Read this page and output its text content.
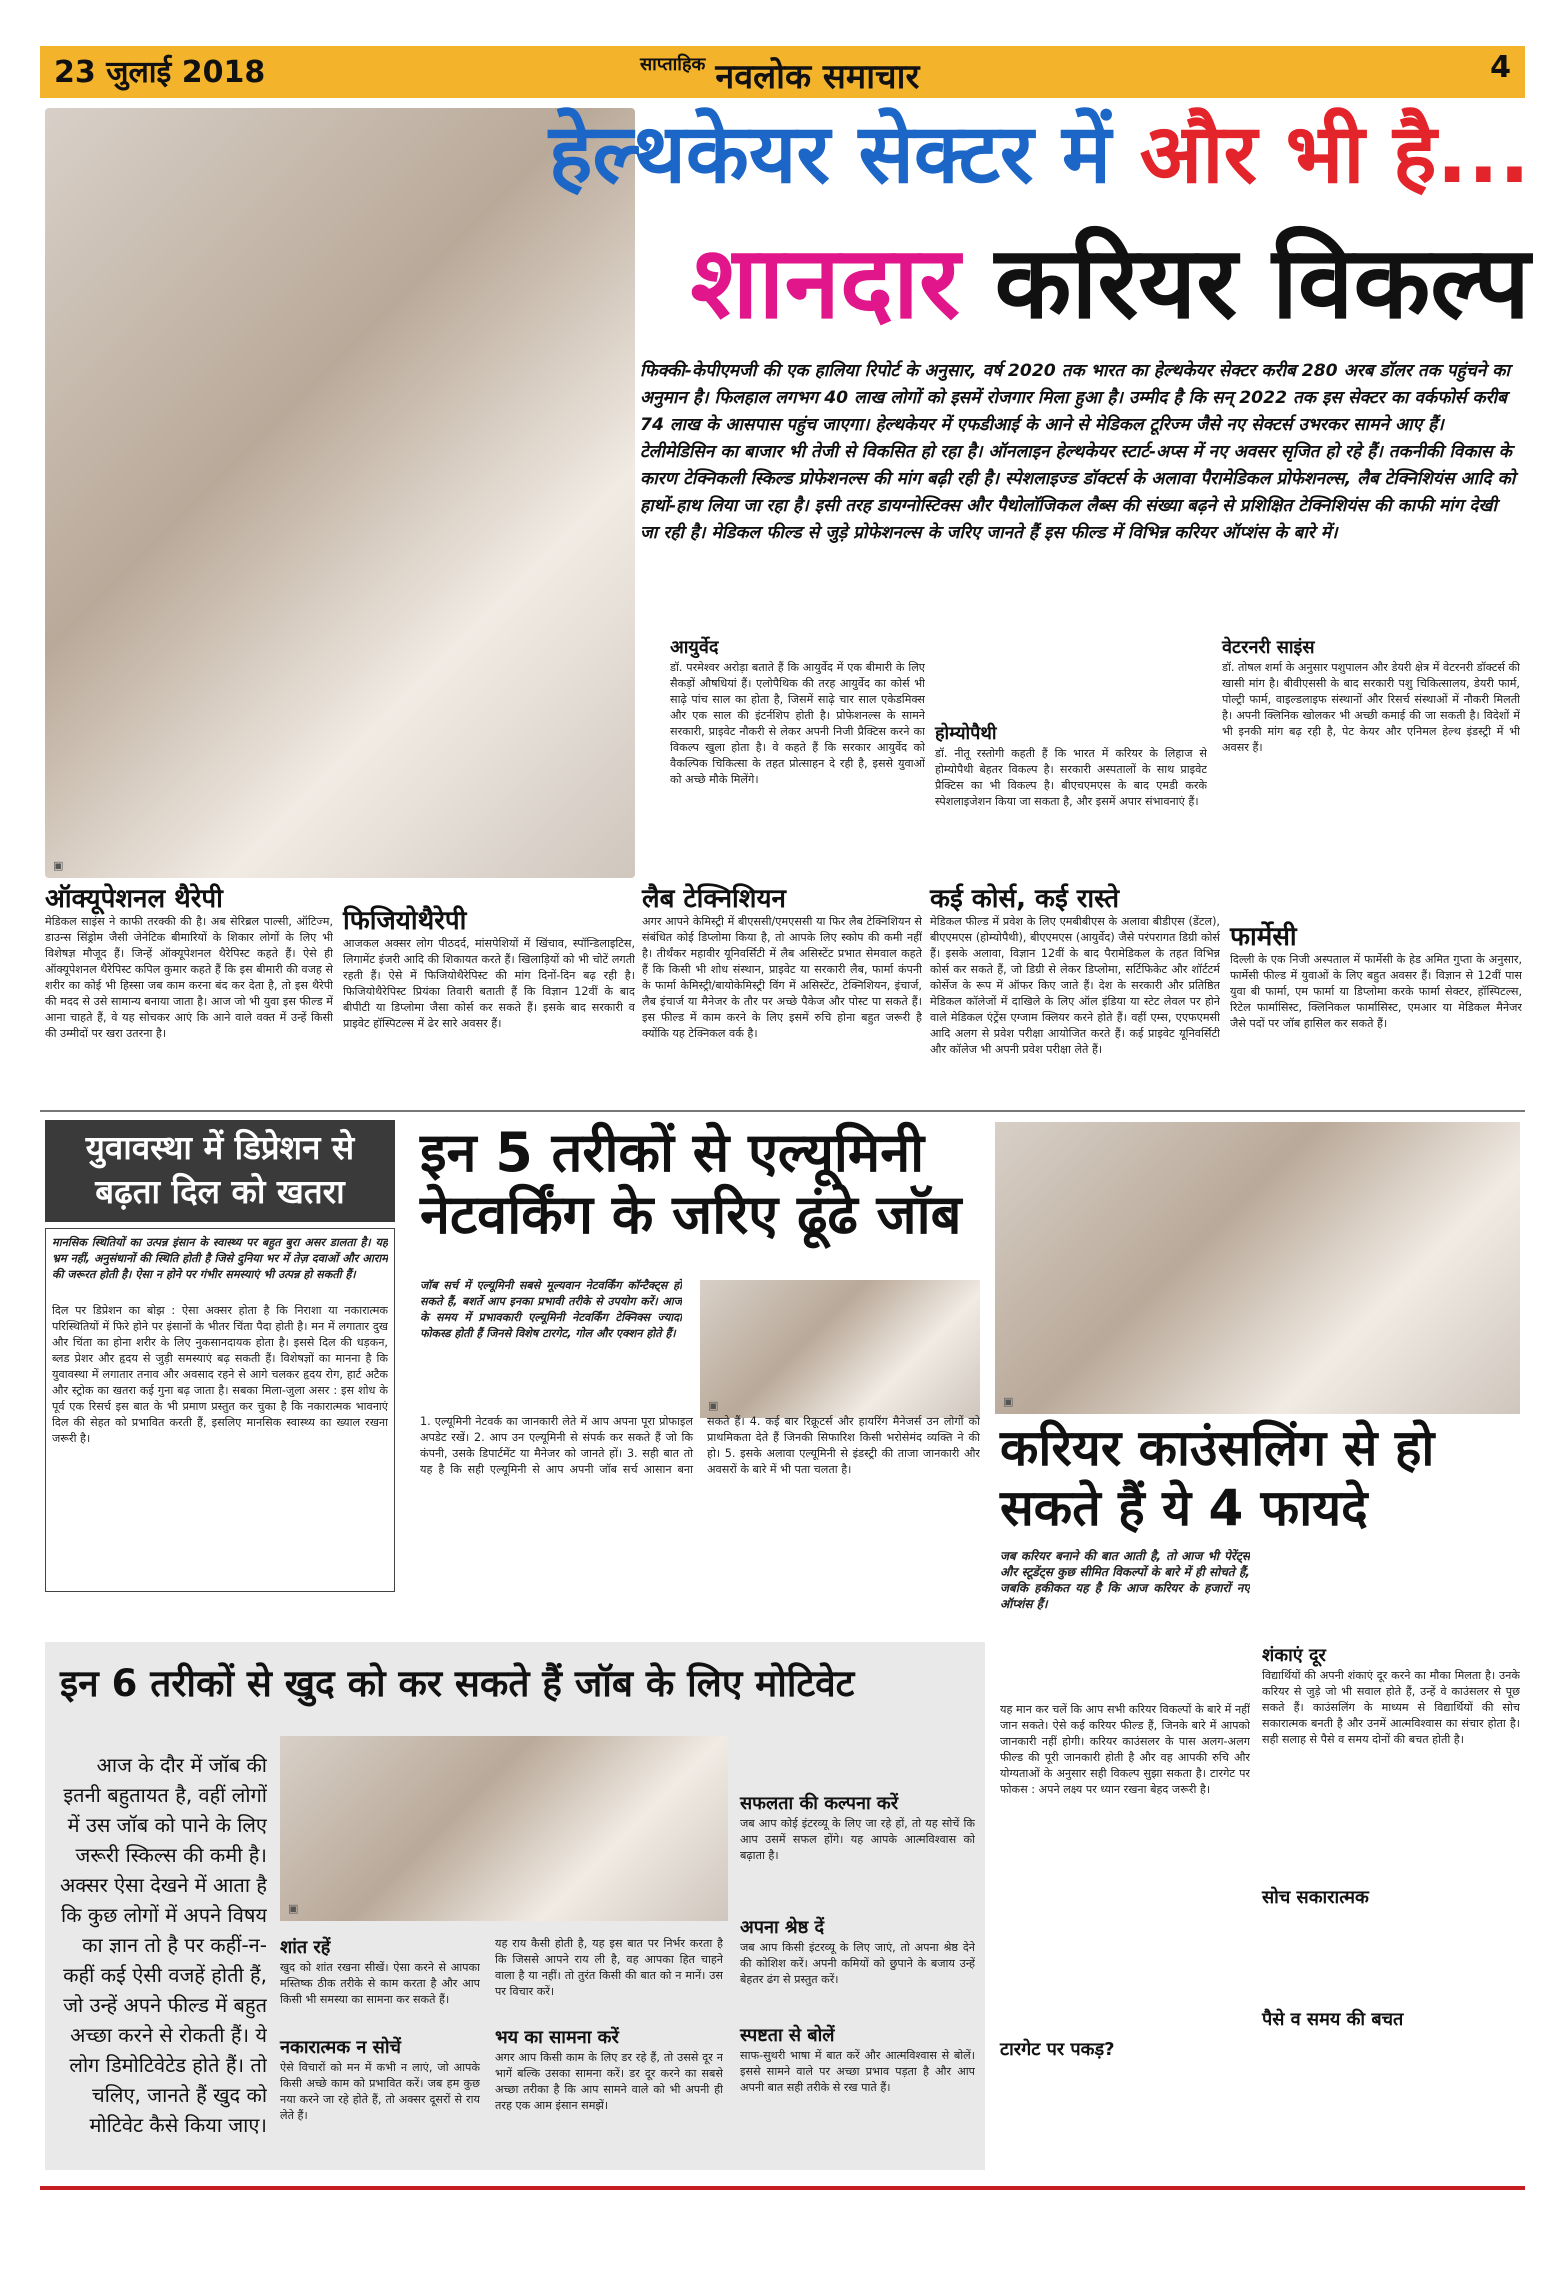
23 जुलाई 2018	$^{साप्ताहिक}$ नवलोक समाचार	4
▣
हेल्थकेयर सेक्टर में और भी है...
शानदार करियर विकल्प

फिक्की-केपीएमजी की एक हालिया रिपोर्ट के अनुसार, वर्ष 2020 तक भारत का हेल्थकेयर सेक्टर करीब 280 अरब डॉलर तक पहुंचने का अनुमान है। फिलहाल लगभग 40 लाख लोगों को इसमें रोजगार मिला हुआ है। उम्मीद है कि सन् 2022 तक इस सेक्टर का वर्कफोर्स करीब 74 लाख के आसपास पहुंच जाएगा। हेल्थकेयर में एफडीआई के आने से मेडिकल टूरिज्म जैसे नए सेक्टर्स उभरकर सामने आए हैं। टेलीमेडिसिन का बाजार भी तेजी से विकसित हो रहा है। ऑनलाइन हेल्थकेयर स्टार्ट-अप्स में नए अवसर सृजित हो रहे हैं। तकनीकी विकास के कारण टेक्निकली स्किल्ड प्रोफेशनल्स की मांग बढ़ी रही है। स्पेशलाइज्ड डॉक्टर्स के अलावा पैरामेडिकल प्रोफेशनल्स, लैब टेक्निशियंस आदि को हाथों-हाथ लिया जा रहा है। इसी तरह डायग्नोस्टिक्स और पैथोलॉजिकल लैब्स की संख्या बढ़ने से प्रशिक्षित टेक्निशियंस की काफी मांग देखी जा रही है। मेडिकल फील्ड से जुड़े प्रोफेशनल्स के जरिए जानते हैं इस फील्ड में विभिन्न करियर ऑप्शंस के बारे में।

आयुर्वेद

डॉ. परमेश्वर अरोड़ा बताते हैं कि आयुर्वेद में एक बीमारी के लिए सैकड़ों औषधियां हैं। एलोपैथिक की तरह आयुर्वेद का कोर्स भी साढ़े पांच साल का होता है, जिसमें साढ़े चार साल एकेडमिक्स और एक साल की इंटर्नशिप होती है। प्रोफेशनल्स के सामने सरकारी, प्राइवेट नौकरी से लेकर अपनी निजी प्रैक्टिस करने का विकल्प खुला होता है। वे कहते हैं कि सरकार आयुर्वेद को वैकल्पिक चिकित्सा के तहत प्रोत्साहन दे रही है, इससे युवाओं को अच्छे मौके मिलेंगे।

होम्योपैथी

डॉ. नीतू रस्तोगी कहती हैं कि भारत में करियर के लिहाज से होम्योपैथी बेहतर विकल्प है। सरकारी अस्पतालों के साथ प्राइवेट प्रैक्टिस का भी विकल्प है। बीएचएमएस के बाद एमडी करके स्पेशलाइजेशन किया जा सकता है, और इसमें अपार संभावनाएं हैं।

वेटरनरी साइंस

डॉ. तोषल शर्मा के अनुसार पशुपालन और डेयरी क्षेत्र में वेटरनरी डॉक्टर्स की खासी मांग है। बीवीएससी के बाद सरकारी पशु चिकित्सालय, डेयरी फार्म, पोल्ट्री फार्म, वाइल्डलाइफ संस्थानों और रिसर्च संस्थाओं में नौकरी मिलती है। अपनी क्लिनिक खोलकर भी अच्छी कमाई की जा सकती है। विदेशों में भी इनकी मांग बढ़ रही है, पेट केयर और एनिमल हेल्थ इंडस्ट्री में भी अवसर हैं।

ऑक्यूपेशनल थैरेपी

मेडिकल साइंस ने काफी तरक्की की है। अब सेरिब्रल पाल्सी, ऑटिज्म, डाउन्स सिंड्रोम जैसी जेनेटिक बीमारियों के शिकार लोगों के लिए भी विशेषज्ञ मौजूद हैं। जिन्हें ऑक्यूपेशनल थैरेपिस्ट कहते हैं। ऐसे ही ऑक्यूपेशनल थैरेपिस्ट कपिल कुमार कहते हैं कि इस बीमारी की वजह से शरीर का कोई भी हिस्सा जब काम करना बंद कर देता है, तो इस थैरेपी की मदद से उसे सामान्य बनाया जाता है। आज जो भी युवा इस फील्ड में आना चाहते हैं, वे यह सोचकर आएं कि आने वाले वक्त में उन्हें किसी की उम्मीदों पर खरा उतरना है।

फिजियोथैरेपी

आजकल अक्सर लोग पीठदर्द, मांसपेशियों में खिंचाव, स्पॉन्डिलाइटिस, लिगामेंट इंजरी आदि की शिकायत करते हैं। खिलाड़ियों को भी चोटें लगती रहती हैं। ऐसे में फिजियोथैरेपिस्ट की मांग दिनों-दिन बढ़ रही है। फिजियोथैरेपिस्ट प्रियंका तिवारी बताती हैं कि विज्ञान 12वीं के बाद बीपीटी या डिप्लोमा जैसा कोर्स कर सकते हैं। इसके बाद सरकारी व प्राइवेट हॉस्पिटल्स में ढेर सारे अवसर हैं।

लैब टेक्निशियन

अगर आपने केमिस्ट्री में बीएससी/एमएससी या फिर लैब टेक्निशियन से संबंधित कोई डिप्लोमा किया है, तो आपके लिए स्कोप की कमी नहीं है। तीर्थंकर महावीर यूनिवर्सिटी में लैब असिस्टेंट प्रभात सेमवाल कहते हैं कि किसी भी शोध संस्थान, प्राइवेट या सरकारी लैब, फार्मा कंपनी के फार्मा केमिस्ट्री/बायोकेमिस्ट्री विंग में असिस्टेंट, टेक्निशियन, इंचार्ज, लैब इंचार्ज या मैनेजर के तौर पर अच्छे पैकेज और पोस्ट पा सकते हैं। इस फील्ड में काम करने के लिए इसमें रुचि होना बहुत जरूरी है क्योंकि यह टेक्निकल वर्क है।

कई कोर्स, कई रास्ते

मेडिकल फील्ड में प्रवेश के लिए एमबीबीएस के अलावा बीडीएस (डेंटल), बीएएमएस (होम्योपैथी), बीएएमएस (आयुर्वेद) जैसे परंपरागत डिग्री कोर्स हैं। इसके अलावा, विज्ञान 12वीं के बाद पैरामेडिकल के तहत विभिन्न कोर्स कर सकते हैं, जो डिग्री से लेकर डिप्लोमा, सर्टिफिकेट और शॉर्टटर्म कोर्सेज के रूप में ऑफर किए जाते हैं। देश के सरकारी और प्रतिष्ठित मेडिकल कॉलेजों में दाखिले के लिए ऑल इंडिया या स्टेट लेवल पर होने वाले मेडिकल एंट्रेंस एग्जाम क्लियर करने होते हैं। वहीं एम्स, एएफएमसी आदि अलग से प्रवेश परीक्षा आयोजित करते हैं। कई प्राइवेट यूनिवर्सिटी और कॉलेज भी अपनी प्रवेश परीक्षा लेते हैं।

फार्मेसी

दिल्ली के एक निजी अस्पताल में फार्मेसी के हेड अमित गुप्ता के अनुसार, फार्मेसी फील्ड में युवाओं के लिए बहुत अवसर हैं। विज्ञान से 12वीं पास युवा बी फार्मा, एम फार्मा या डिप्लोमा करके फार्मा सेक्टर, हॉस्पिटल्स, रिटेल फार्मासिस्ट, क्लिनिकल फार्मासिस्ट, एमआर या मेडिकल मैनेजर जैसे पदों पर जॉब हासिल कर सकते हैं।

युवावस्था में डिप्रेशन से बढ़ता दिल को खतरा

मानसिक स्थितियों का उत्पन्न इंसान के स्वास्थ्य पर बहुत बुरा असर डालता है। यह भ्रम नहीं, अनुसंधानों की स्थिति होती है जिसे दुनिया भर में तेज़ दवाओं और आराम की जरूरत होती है। ऐसा न होने पर गंभीर समस्याएं भी उत्पन्न हो सकती हैं।

दिल पर डिप्रेशन का बोझ : ऐसा अक्सर होता है कि निराशा या नकारात्मक परिस्थितियों में फिरे होने पर इंसानों के भीतर चिंता पैदा होती है। मन में लगातार दुख और चिंता का होना शरीर के लिए नुकसानदायक होता है। इससे दिल की धड़कन, ब्लड प्रेशर और हृदय से जुड़ी समस्याएं बढ़ सकती हैं। विशेषज्ञों का मानना है कि युवावस्था में लगातार तनाव और अवसाद रहने से आगे चलकर हृदय रोग, हार्ट अटैक और स्ट्रोक का खतरा कई गुना बढ़ जाता है। सबका मिला-जुला असर : इस शोध के पूर्व एक रिसर्च इस बात के भी प्रमाण प्रस्तुत कर चुका है कि नकारात्मक भावनाएं दिल की सेहत को प्रभावित करती हैं, इसलिए मानसिक स्वास्थ्य का ख्याल रखना जरूरी है।

इन 5 तरीकों से एल्यूमिनी नेटवर्किंग के जरिए ढूंढे जॉब

जॉब सर्च में एल्यूमिनी सबसे मूल्यवान नेटवर्किंग कॉन्टैक्ट्स हो सकते हैं, बशर्ते आप इनका प्रभावी तरीके से उपयोग करें। आज के समय में प्रभावकारी एल्यूमिनी नेटवर्किंग टेक्निक्स ज्यादा फोकस्ड होती हैं जिनसे विशेष टारगेट, गोल और एक्शन होते हैं।

▣

1. एल्यूमिनी नेटवर्क का जानकारी लेते में आप अपना पूरा प्रोफाइल अपडेट रखें। 2. आप उन एल्यूमिनी से संपर्क कर सकते हैं जो कि कंपनी, उसके डिपार्टमेंट या मैनेजर को जानते हों। 3. सही बात तो यह है कि सही एल्यूमिनी से आप अपनी जॉब सर्च आसान बना सकते हैं। 4. कई बार रिक्रूटर्स और हायरिंग मैनेजर्स उन लोगों को प्राथमिकता देते हैं जिनकी सिफारिश किसी भरोसेमंद व्यक्ति ने की हो। 5. इसके अलावा एल्यूमिनी से इंडस्ट्री की ताजा जानकारी और अवसरों के बारे में भी पता चलता है।

▣
करियर काउंसलिंग से हो सकते हैं ये 4 फायदे

जब करियर बनाने की बात आती है, तो आज भी पेरेंट्स और स्टूडेंट्स कुछ सीमित विकल्पों के बारे में ही सोचते हैं, जबकि हकीकत यह है कि आज करियर के हजारों नए ऑप्शंस हैं।

यह मान कर चलें कि आप सभी करियर विकल्पों के बारे में नहीं जान सकते। ऐसे कई करियर फील्ड हैं, जिनके बारे में आपको जानकारी नहीं होगी। करियर काउंसलर के पास अलग-अलग फील्ड की पूरी जानकारी होती है और वह आपकी रुचि और योग्यताओं के अनुसार सही विकल्प सुझा सकता है। टारगेट पर फोकस : अपने लक्ष्य पर ध्यान रखना बेहद जरूरी है।

टारगेट पर पकड़?
शंकाएं दूर

विद्यार्थियों की अपनी शंकाएं दूर करने का मौका मिलता है। उनके करियर से जुड़े जो भी सवाल होते हैं, उन्हें वे काउंसलर से पूछ सकते हैं। काउंसलिंग के माध्यम से विद्यार्थियों की सोच सकारात्मक बनती है और उनमें आत्मविश्वास का संचार होता है। सही सलाह से पैसे व समय दोनों की बचत होती है।

सोच सकारात्मक
पैसे व समय की बचत
इन 6 तरीकों से खुद को कर सकते हैं जॉब के लिए मोटिवेट

आज के दौर में जॉब की इतनी बहुतायत है, वहीं लोगों में उस जॉब को पाने के लिए जरूरी स्किल्स की कमी है। अक्सर ऐसा देखने में आता है कि कुछ लोगों में अपने विषय का ज्ञान तो है पर कहीं-न-कहीं कई ऐसी वजहें होती हैं, जो उन्हें अपने फील्ड में बहुत अच्छा करने से रोकती हैं। ये लोग डिमोटिवेटेड होते हैं। तो चलिए, जानते हैं खुद को मोटिवेट कैसे किया जाए।

▣
शांत रहें

खुद को शांत रखना सीखें। ऐसा करने से आपका मस्तिष्क ठीक तरीके से काम करता है और आप किसी भी समस्या का सामना कर सकते हैं।

नकारात्मक न सोचें

ऐसे विचारों को मन में कभी न लाएं, जो आपके किसी अच्छे काम को प्रभावित करें। जब हम कुछ नया करने जा रहे होते हैं, तो अक्सर दूसरों से राय लेते हैं।

यह राय कैसी होती है, यह इस बात पर निर्भर करता है कि जिससे आपने राय ली है, वह आपका हित चाहने वाला है या नहीं। तो तुरंत किसी की बात को न मानें। उस पर विचार करें।

भय का सामना करें

अगर आप किसी काम के लिए डर रहे हैं, तो उससे दूर न भागें बल्कि उसका सामना करें। डर दूर करने का सबसे अच्छा तरीका है कि आप सामने वाले को भी अपनी ही तरह एक आम इंसान समझें।

सफलता की कल्पना करें

जब आप कोई इंटरव्यू के लिए जा रहे हों, तो यह सोचें कि आप उसमें सफल होंगे। यह आपके आत्मविश्वास को बढ़ाता है।

अपना श्रेष्ठ दें

जब आप किसी इंटरव्यू के लिए जाएं, तो अपना श्रेष्ठ देने की कोशिश करें। अपनी कमियों को छुपाने के बजाय उन्हें बेहतर ढंग से प्रस्तुत करें।

स्पष्टता से बोलें

साफ-सुथरी भाषा में बात करें और आत्मविश्वास से बोलें। इससे सामने वाले पर अच्छा प्रभाव पड़ता है और आप अपनी बात सही तरीके से रख पाते हैं।
